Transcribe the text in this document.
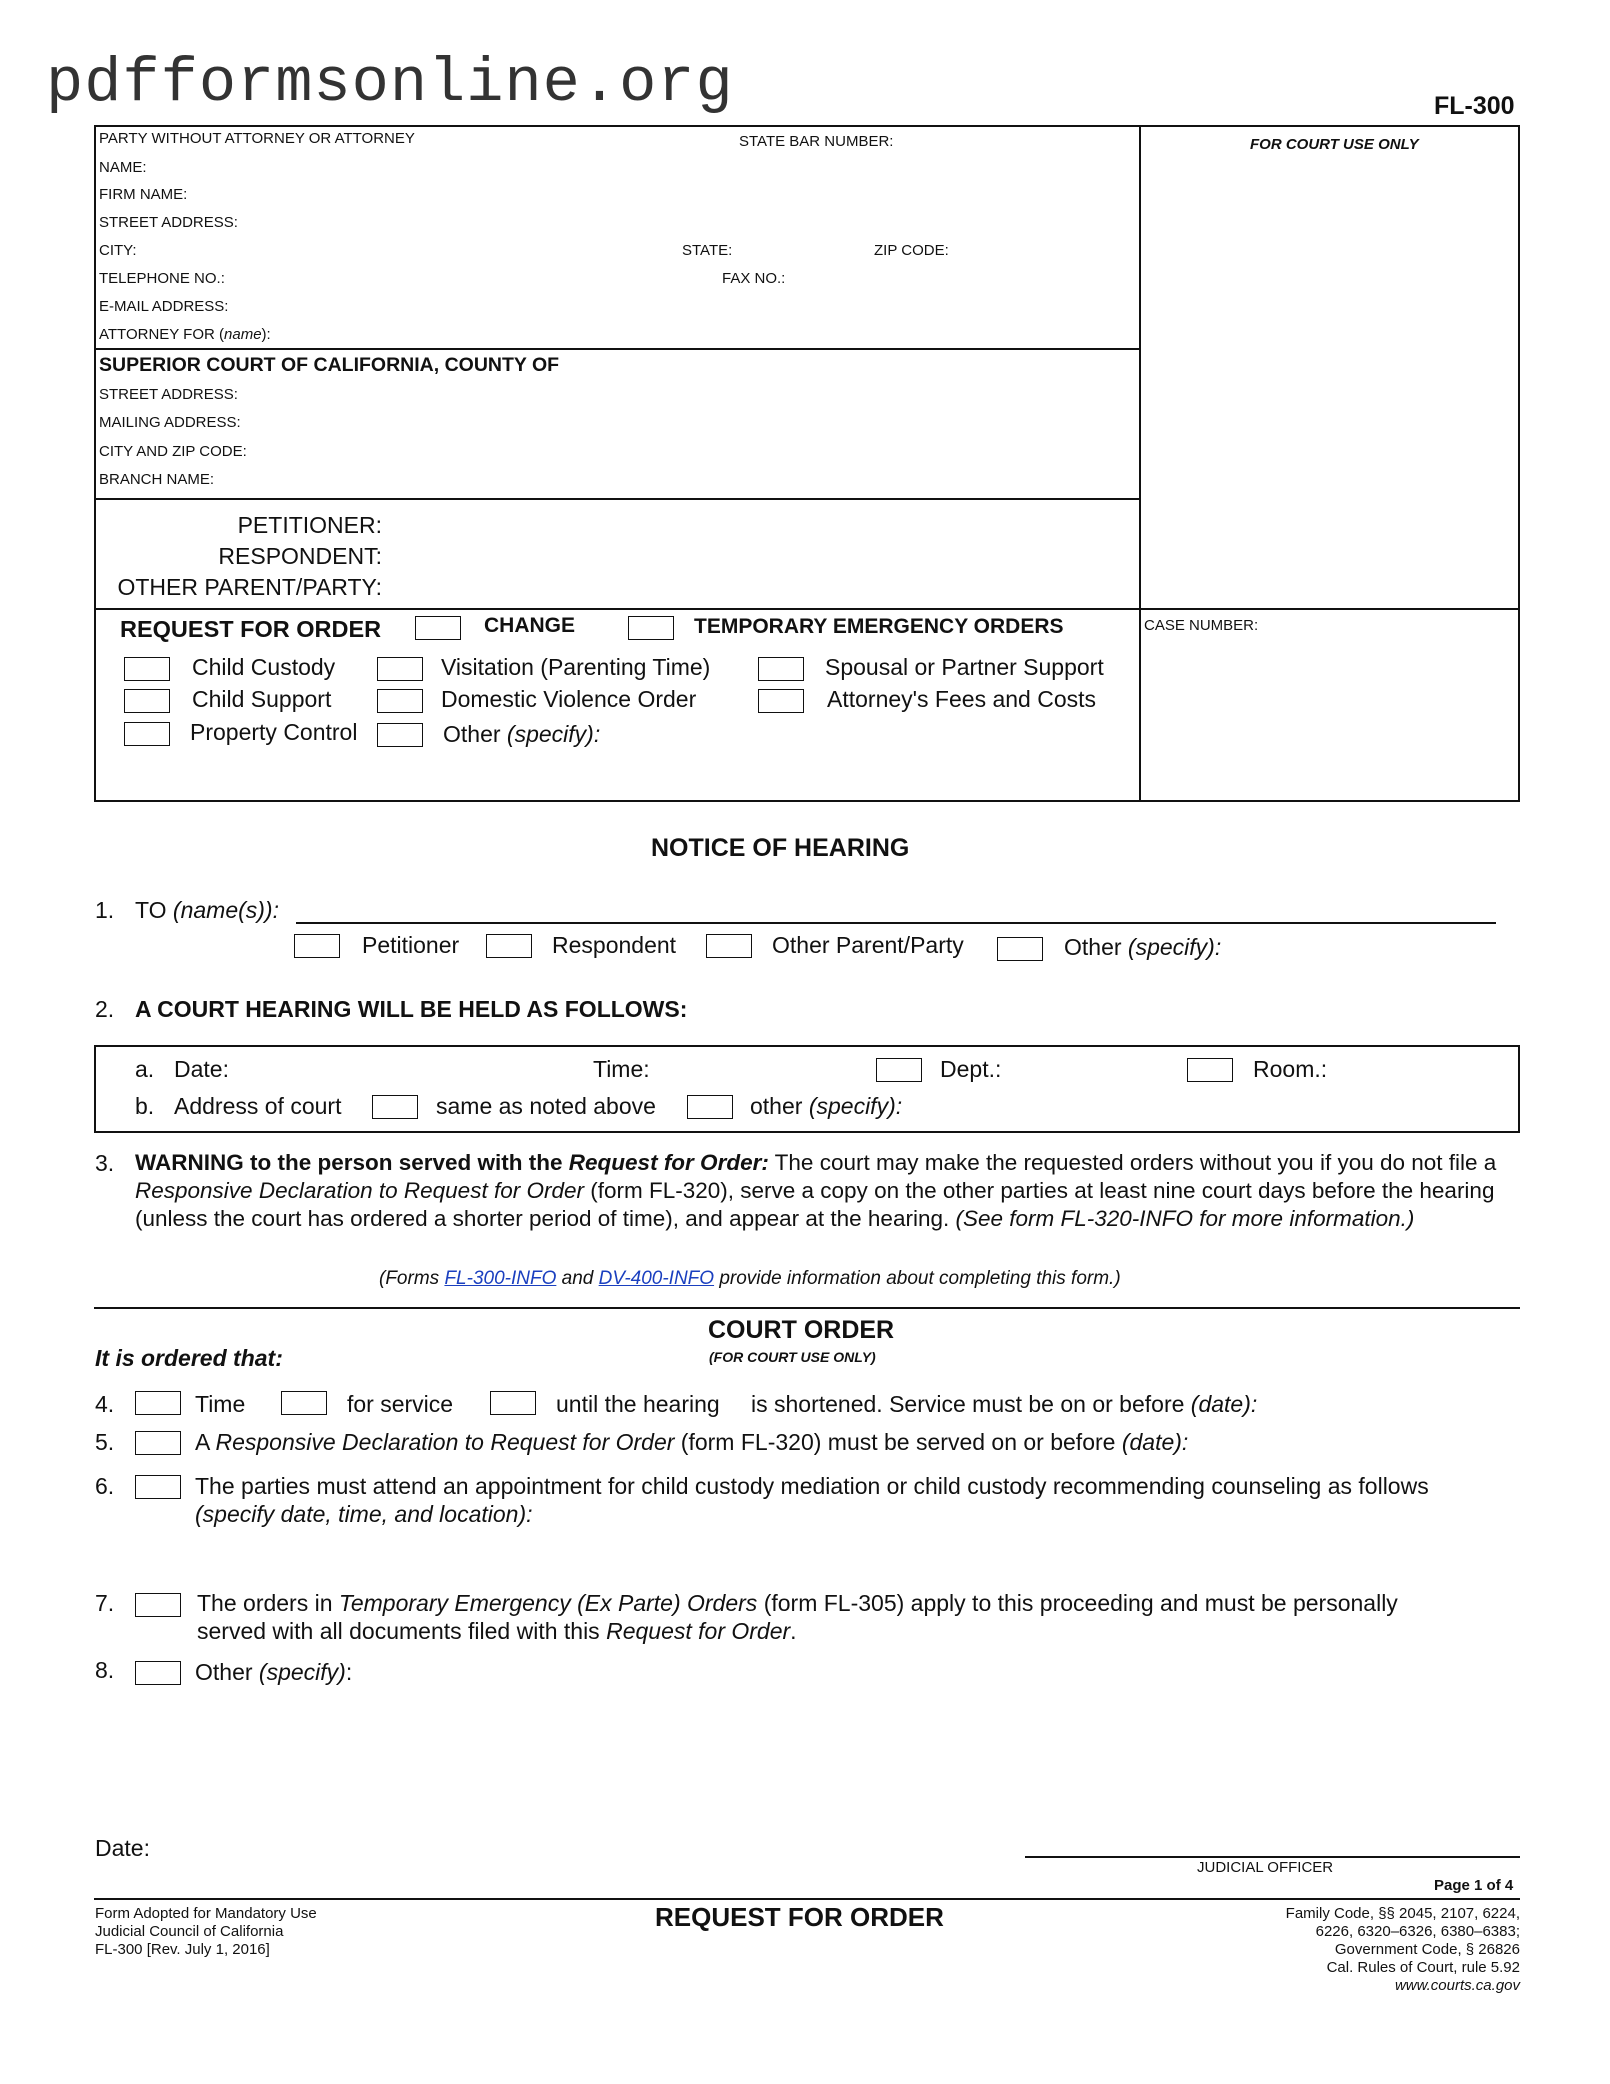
pdfformsonline.org	FL-300
PARTY WITHOUT ATTORNEY OR ATTORNEY	STATE BAR NUMBER:
NAME:
FIRM NAME:
STREET ADDRESS:
CITY:	STATE:	ZIP CODE:
TELEPHONE NO.:	FAX NO.:
E-MAIL ADDRESS:
ATTORNEY FOR (name):
FOR COURT USE ONLY
SUPERIOR COURT OF CALIFORNIA, COUNTY OF
STREET ADDRESS:
MAILING ADDRESS:
CITY AND ZIP CODE:
BRANCH NAME:
PETITIONER:
RESPONDENT:
OTHER PARENT/PARTY:
CASE NUMBER:
REQUEST FOR ORDER	CHANGE	TEMPORARY EMERGENCY ORDERS
Child Custody	Visitation (Parenting Time)	Spousal or Partner Support
Child Support	Domestic Violence Order	Attorney's Fees and Costs
Property Control	Other (specify):
NOTICE OF HEARING
1. TO (name(s)):
Petitioner	Respondent	Other Parent/Party	Other (specify):
2. A COURT HEARING WILL BE HELD AS FOLLOWS:
a. Date:	Time:	Dept.:	Room.:
b. Address of court	same as noted above	other (specify):
3. WARNING to the person served with the Request for Order: The court may make the requested orders without you if you do not file a Responsive Declaration to Request for Order (form FL-320), serve a copy on the other parties at least nine court days before the hearing (unless the court has ordered a shorter period of time), and appear at the hearing. (See form FL-320-INFO for more information.)
(Forms FL-300-INFO and DV-400-INFO provide information about completing this form.)
COURT ORDER
(FOR COURT USE ONLY)
It is ordered that:
4.	Time	for service	until the hearing is shortened. Service must be on or before (date):
5.	A Responsive Declaration to Request for Order (form FL-320) must be served on or before (date):
6.	The parties must attend an appointment for child custody mediation or child custody recommending counseling as follows
(specify date, time, and location):
7.	The orders in Temporary Emergency (Ex Parte) Orders (form FL-305) apply to this proceeding and must be personally
served with all documents filed with this Request for Order.
8.	Other (specify):
Date:
JUDICIAL OFFICER
Page 1 of 4
Form Adopted for Mandatory Use
Judicial Council of California
FL-300 [Rev. July 1, 2016]
REQUEST FOR ORDER	Family Code, §§ 2045, 2107, 6224,
6226, 6320–6326, 6380–6383;
Government Code, § 26826
Cal. Rules of Court, rule 5.92
www.courts.ca.gov
